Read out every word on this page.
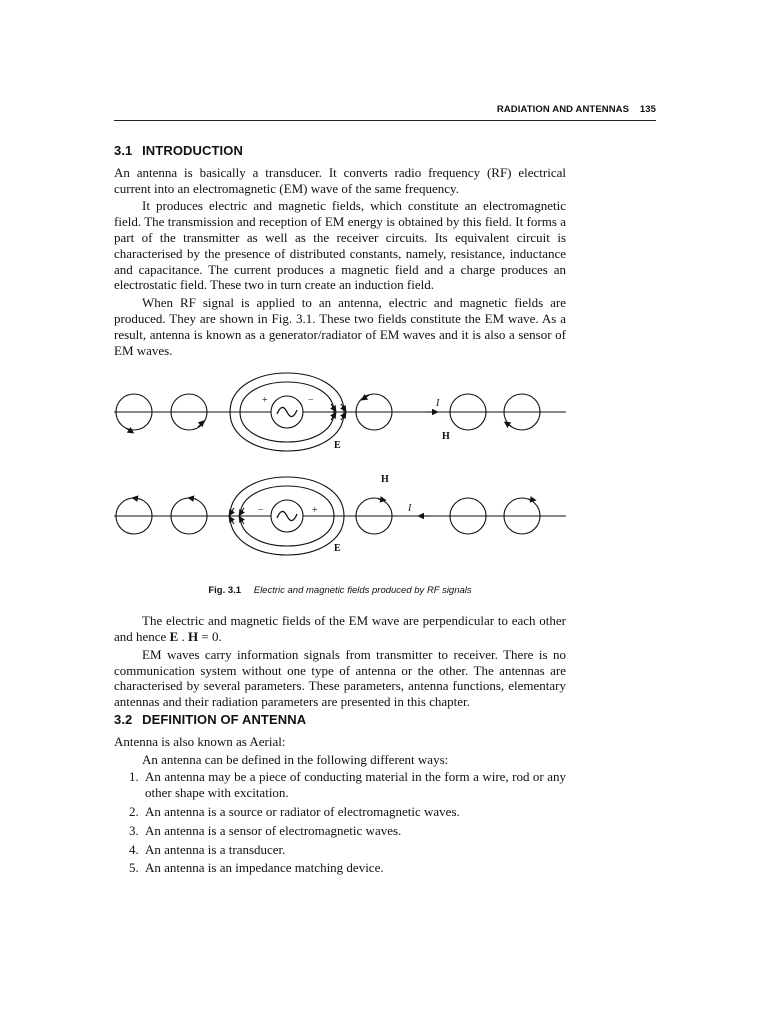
RADIATION AND ANTENNAS 135
3.1 INTRODUCTION

An antenna is basically a transducer. It converts radio frequency (RF) electrical current into an electromagnetic (EM) wave of the same frequency.

It produces electric and magnetic fields, which constitute an electromagnetic field. The transmission and reception of EM energy is obtained by this field. It forms a part of the transmitter as well as the receiver circuits. Its equivalent circuit is characterised by the presence of distributed constants, namely, resistance, inductance and capacitance. The current produces a magnetic field and a charge produces an electrostatic field. These two in turn create an induction field.

When RF signal is applied to an antenna, electric and magnetic fields are produced. They are shown in Fig. 3.1. These two fields constitute the EM wave. As a result, antenna is known as a generator/radiator of EM waves and it is also a sensor of EM waves.

+	−	I
H
E
−	+	I
H
E
Fig. 3.1 Electric and magnetic fields produced by RF signals

The electric and magnetic fields of the EM wave are perpendicular to each other and hence E . H = 0.

EM waves carry information signals from transmitter to receiver. There is no communication system without one type of antenna or the other. The antennas are characterised by several parameters. These parameters, antenna functions, elementary antennas and their radiation parameters are presented in this chapter.

3.2 DEFINITION OF ANTENNA

Antenna is also known as Aerial:

An antenna can be defined in the following different ways:

1. An antenna may be a piece of conducting material in the form a wire, rod or any other shape with excitation.
2. An antenna is a source or radiator of electromagnetic waves.
3. An antenna is a sensor of electromagnetic waves.
4. An antenna is a transducer.
5. An antenna is an impedance matching device.
